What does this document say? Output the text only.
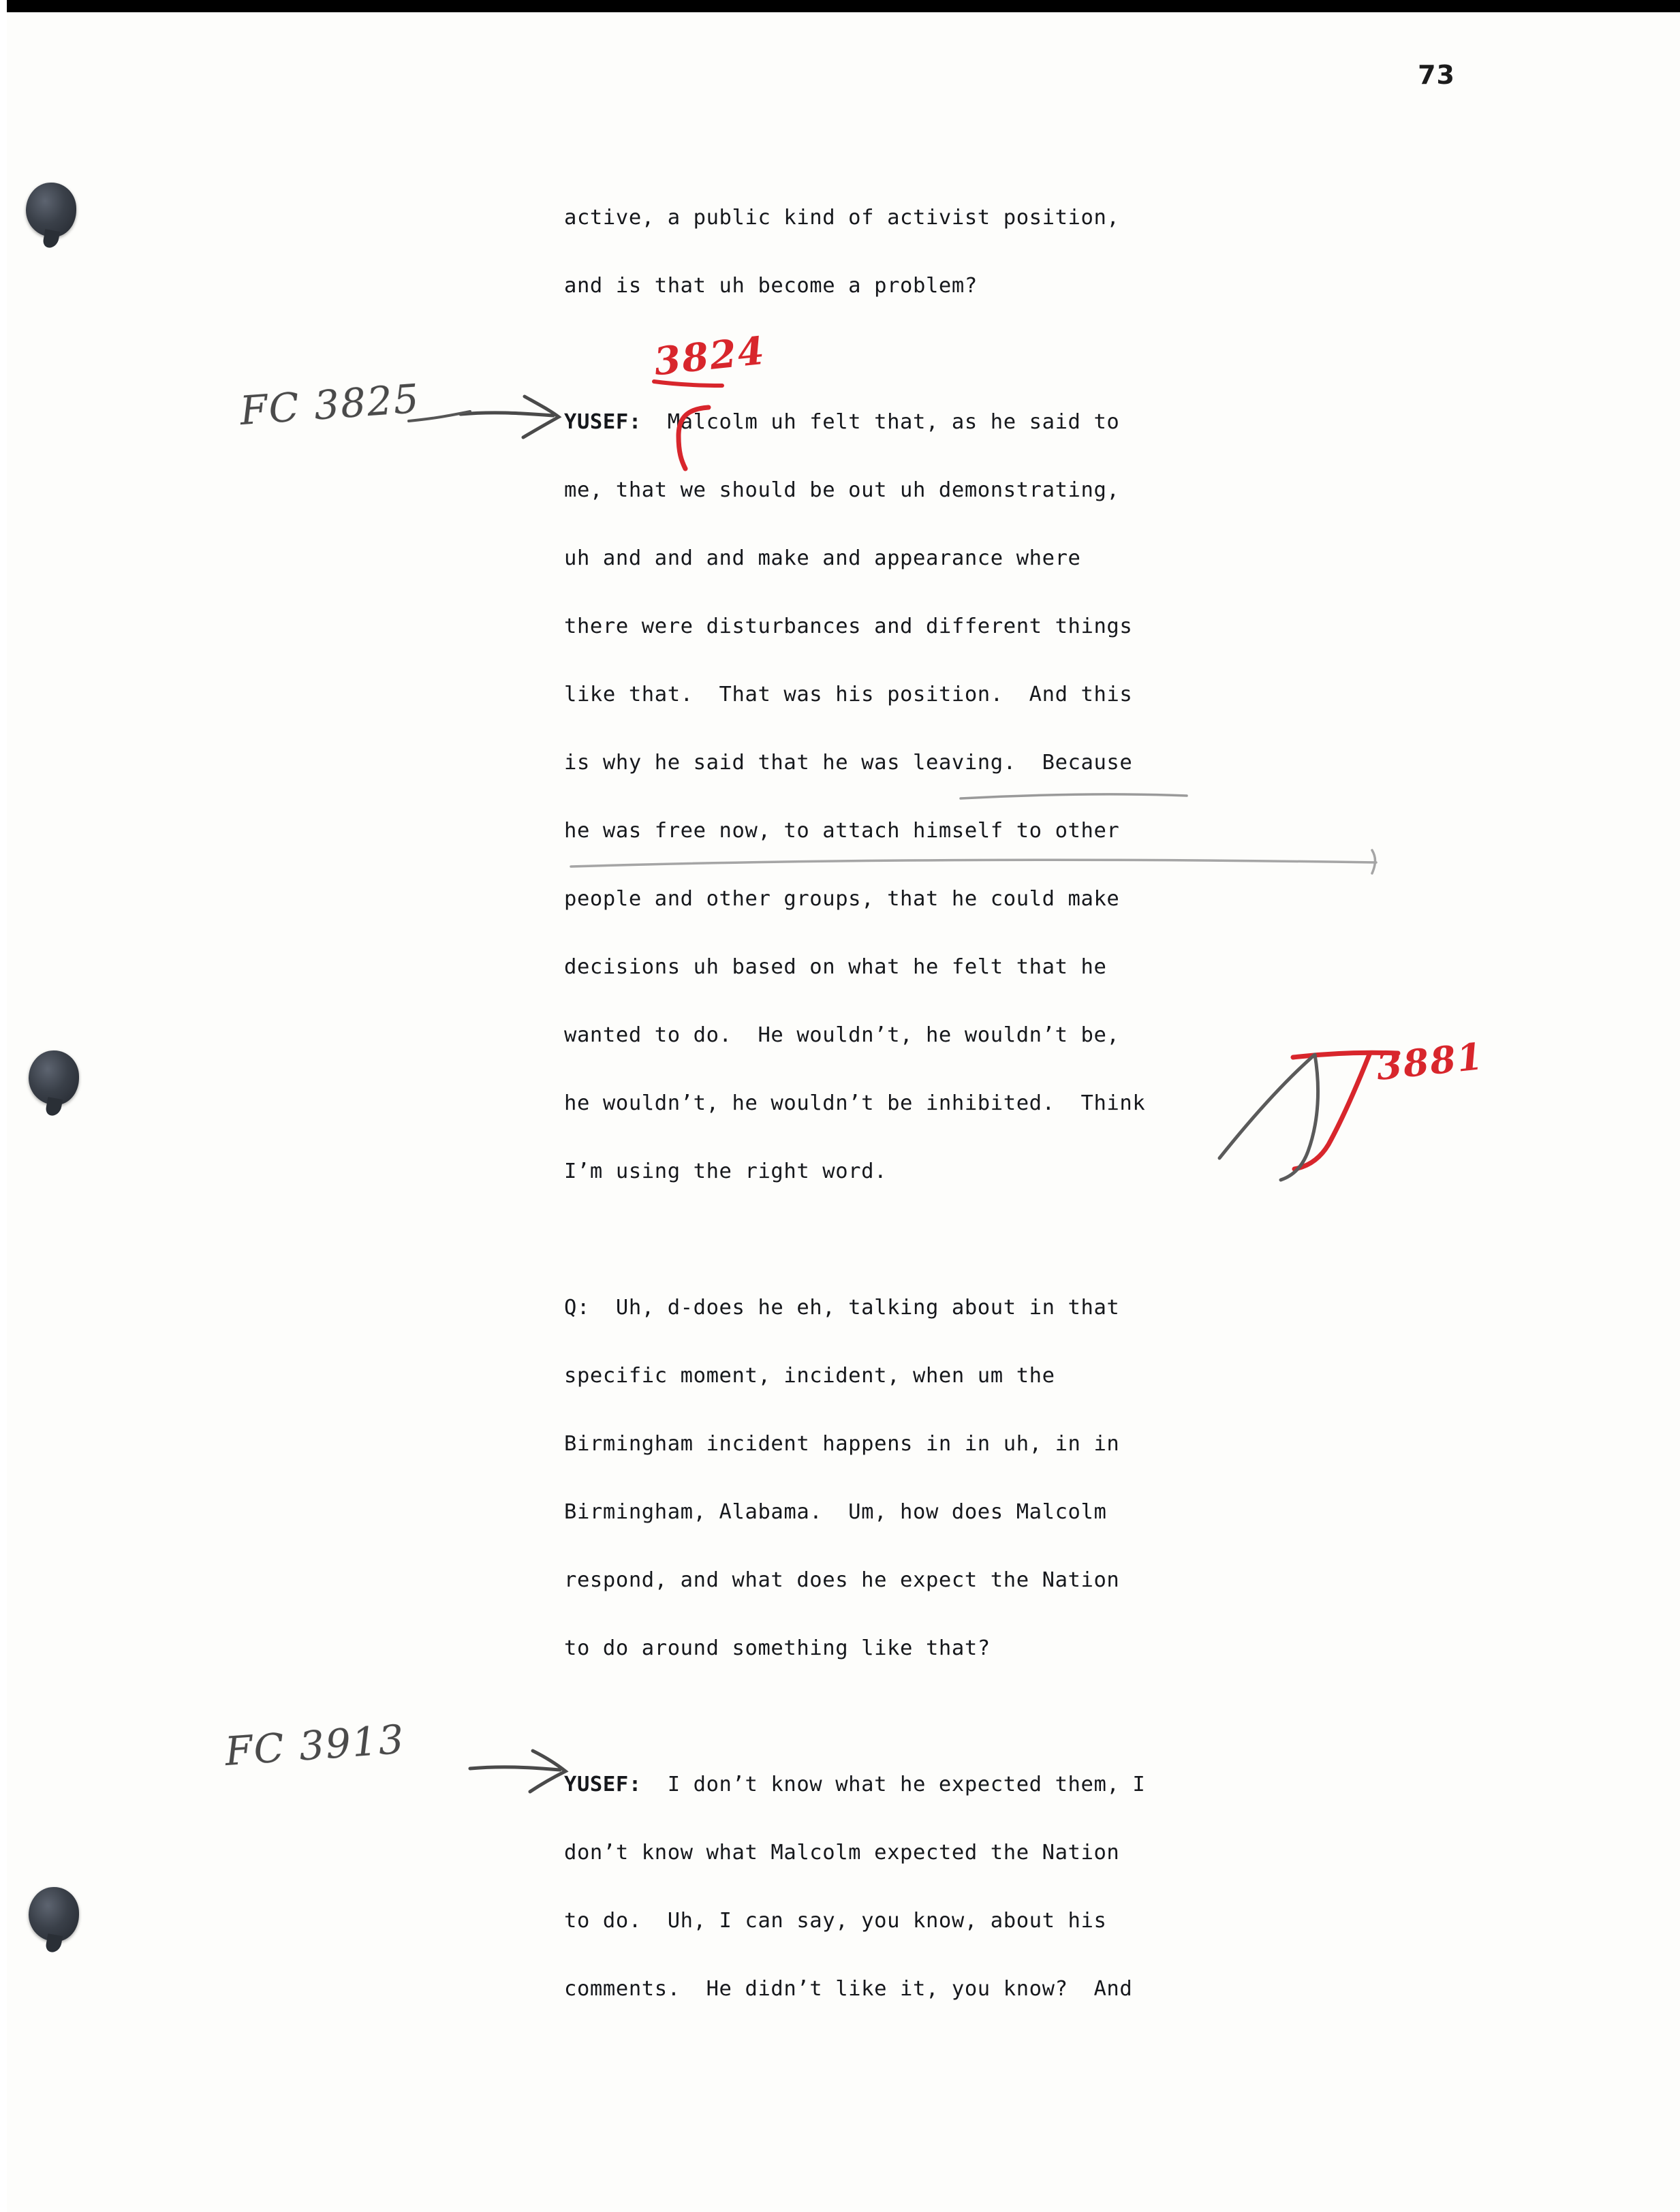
73
active, a public kind of activist position,
and is that uh become a problem?
YUSEF:  Malcolm uh felt that, as he said to
me, that we should be out uh demonstrating,
uh and and and make and appearance where
there were disturbances and different things
like that.  That was his position.  And this
is why he said that he was leaving.  Because
he was free now, to attach himself to other
people and other groups, that he could make
decisions uh based on what he felt that he
wanted to do.  He wouldn’t, he wouldn’t be,
he wouldn’t, he wouldn’t be inhibited.  Think
I’m using the right word.
Q:  Uh, d-does he eh, talking about in that
specific moment, incident, when um the
Birmingham incident happens in in uh, in in
Birmingham, Alabama.  Um, how does Malcolm
respond, and what does he expect the Nation
to do around something like that?
YUSEF:  I don’t know what he expected them, I
don’t know what Malcolm expected the Nation
to do.  Uh, I can say, you know, about his
comments.  He didn’t like it, you know?  And
FC 3825
FC 3913
3824
3881
